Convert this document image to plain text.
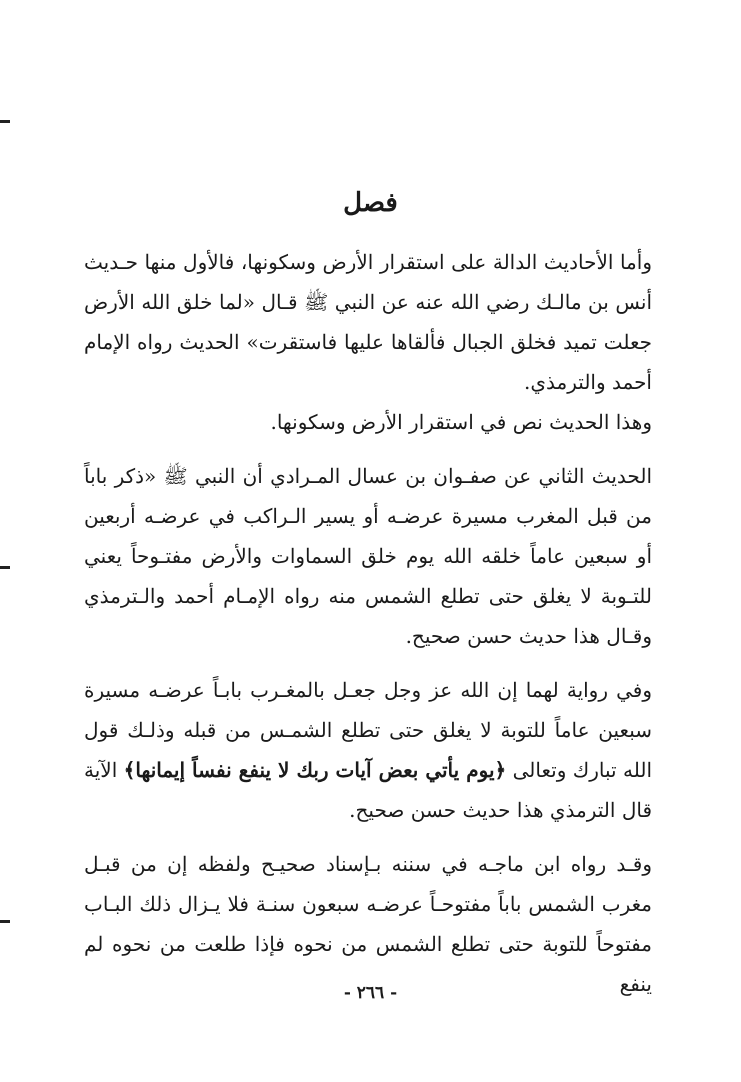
فصل

وأما الأحاديث الدالة على استقرار الأرض وسكونها، فالأول منها حـديث أنس بن مالـك رضي الله عنه عن النبي ﷺ قـال «لما خلق الله الأرض جعلت تميد فخلق الجبال فألقاها عليها فاستقرت» الحديث رواه الإمام أحمد والترمذي.

وهذا الحديث نص في استقرار الأرض وسكونها.

الحديث الثاني عن صفـوان بن عسال المـرادي أن النبي ﷺ «ذكر باباً من قبل المغرب مسيرة عرضـه أو يسير الـراكب في عرضـه أربعين أو سبعين عاماً خلقه الله يوم خلق السماوات والأرض مفتـوحاً يعني للتـوبة لا يغلق حتى تطلع الشمس منه رواه الإمـام أحمد والـترمذي وقـال هذا حديث حسن صحيح.

وفي رواية لهما إن الله عز وجل جعـل بالمغـرب بابـاً عرضـه مسيرة سبعين عاماً للتوبة لا يغلق حتى تطلع الشمـس من قبله وذلـك قول الله تبارك وتعالى ﴿يوم يأتي بعض آيات ربك لا ينفع نفساً إيمانها﴾ الآية قال الترمذي هذا حديث حسن صحيح.

وقـد رواه ابن ماجـه في سننه بـإسناد صحيـح ولفظه إن من قبـل مغرب الشمس باباً مفتوحـاً عرضـه سبعون سنـة فلا يـزال ذلك البـاب مفتوحاً للتوبة حتى تطلع الشمس من نحوه فإذا طلعت من نحوه لم ينفع

- ٢٦٦ -
